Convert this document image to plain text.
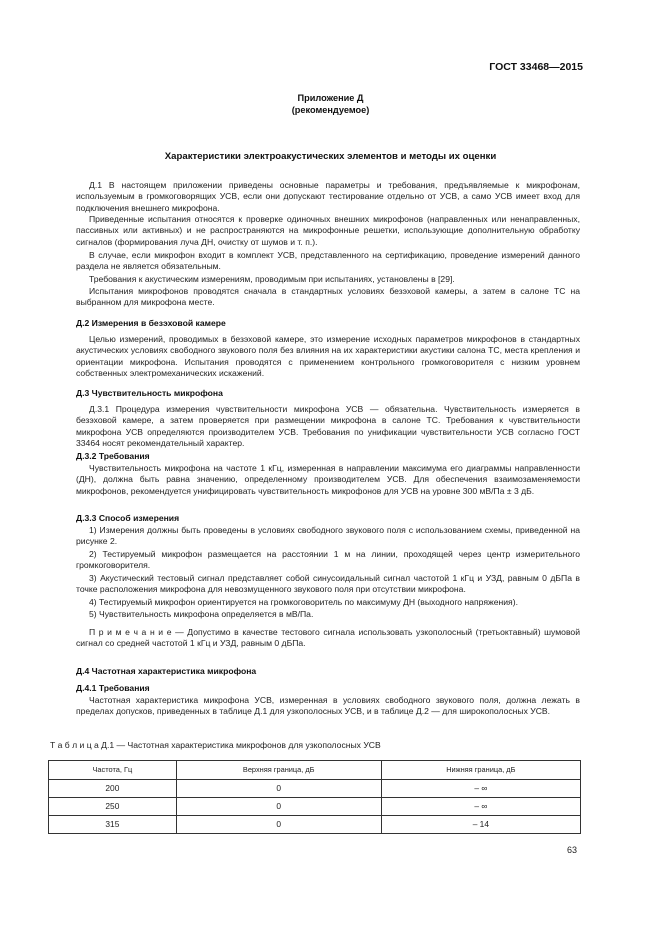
ГОСТ 33468—2015
Приложение Д
(рекомендуемое)
Характеристики электроакустических элементов и методы их оценки
Д.1 В настоящем приложении приведены основные параметры и требования, предъявляемые к микрофонам, используемым в громкоговорящих УСВ, если они допускают тестирование отдельно от УСВ, а само УСВ имеет вход для подключения внешнего микрофона.
Приведенные испытания относятся к проверке одиночных внешних микрофонов (направленных или ненаправленных, пассивных или активных) и не распространяются на микрофонные решетки, использующие дополнительную обработку сигналов (формирования луча ДН, очистку от шумов и т. п.).
В случае, если микрофон входит в комплект УСВ, представленного на сертификацию, проведение измерений данного раздела не является обязательным.
Требования к акустическим измерениям, проводимым при испытаниях, установлены в [29].
Испытания микрофонов проводятся сначала в стандартных условиях безэховой камеры, а затем в салоне ТС на выбранном для микрофона месте.
Д.2 Измерения в безэховой камере
Целью измерений, проводимых в безэховой камере, это измерение исходных параметров микрофонов в стандартных акустических условиях свободного звукового поля без влияния на их характеристики акустики салона ТС, места крепления и ориентации микрофона. Испытания проводятся с применением контрольного громкоговорителя с низким уровнем собственных электромеханических искажений.
Д.3 Чувствительность микрофона
Д.3.1 Процедура измерения чувствительности микрофона УСВ — обязательна. Чувствительность измеряется в безэховой камере, а затем проверяется при размещении микрофона в салоне ТС. Требования к чувствительности микрофона УСВ определяются производителем УСВ. Требования по унификации чувствительности УСВ согласно ГОСТ 33464 носят рекомендательный характер.
Д.3.2 Требования
Чувствительность микрофона на частоте 1 кГц, измеренная в направлении максимума его диаграммы направленности (ДН), должна быть равна значению, определенному производителем УСВ. Для обеспечения взаимозаменяемости микрофонов, рекомендуется унифицировать чувствительность микрофонов для УСВ на уровне 300 мВ/Па ± 3 дБ.
Д.3.3 Способ измерения
1) Измерения должны быть проведены в условиях свободного звукового поля с использованием схемы, приведенной на рисунке 2.
2) Тестируемый микрофон размещается на расстоянии 1 м на линии, проходящей через центр измерительного громкоговорителя.
3) Акустический тестовый сигнал представляет собой синусоидальный сигнал частотой 1 кГц и УЗД, равным 0 дБПа в точке расположения микрофона для невозмущенного звукового поля при отсутствии микрофона.
4) Тестируемый микрофон ориентируется на громкоговоритель по максимуму ДН (выходного напряжения).
5) Чувствительность микрофона определяется в мВ/Па.
П р и м е ч а н и е — Допустимо в качестве тестового сигнала использовать узкополосный (третьоктавный) шумовой сигнал со средней частотой 1 кГц и УЗД, равным 0 дБПа.
Д.4 Частотная характеристика микрофона
Д.4.1 Требования
Частотная характеристика микрофона УСВ, измеренная в условиях свободного звукового поля, должна лежать в пределах допусков, приведенных в таблице Д.1 для узкополосных УСВ, и в таблице Д.2 — для широкополосных УСВ.
Т а б л и ц а Д.1 — Частотная характеристика микрофонов для узкополосных УСВ
Частота, Гц	Верхняя граница, дБ	Нижняя граница, дБ
200	0	– ∞
250	0	– ∞
315	0	– 14
63
